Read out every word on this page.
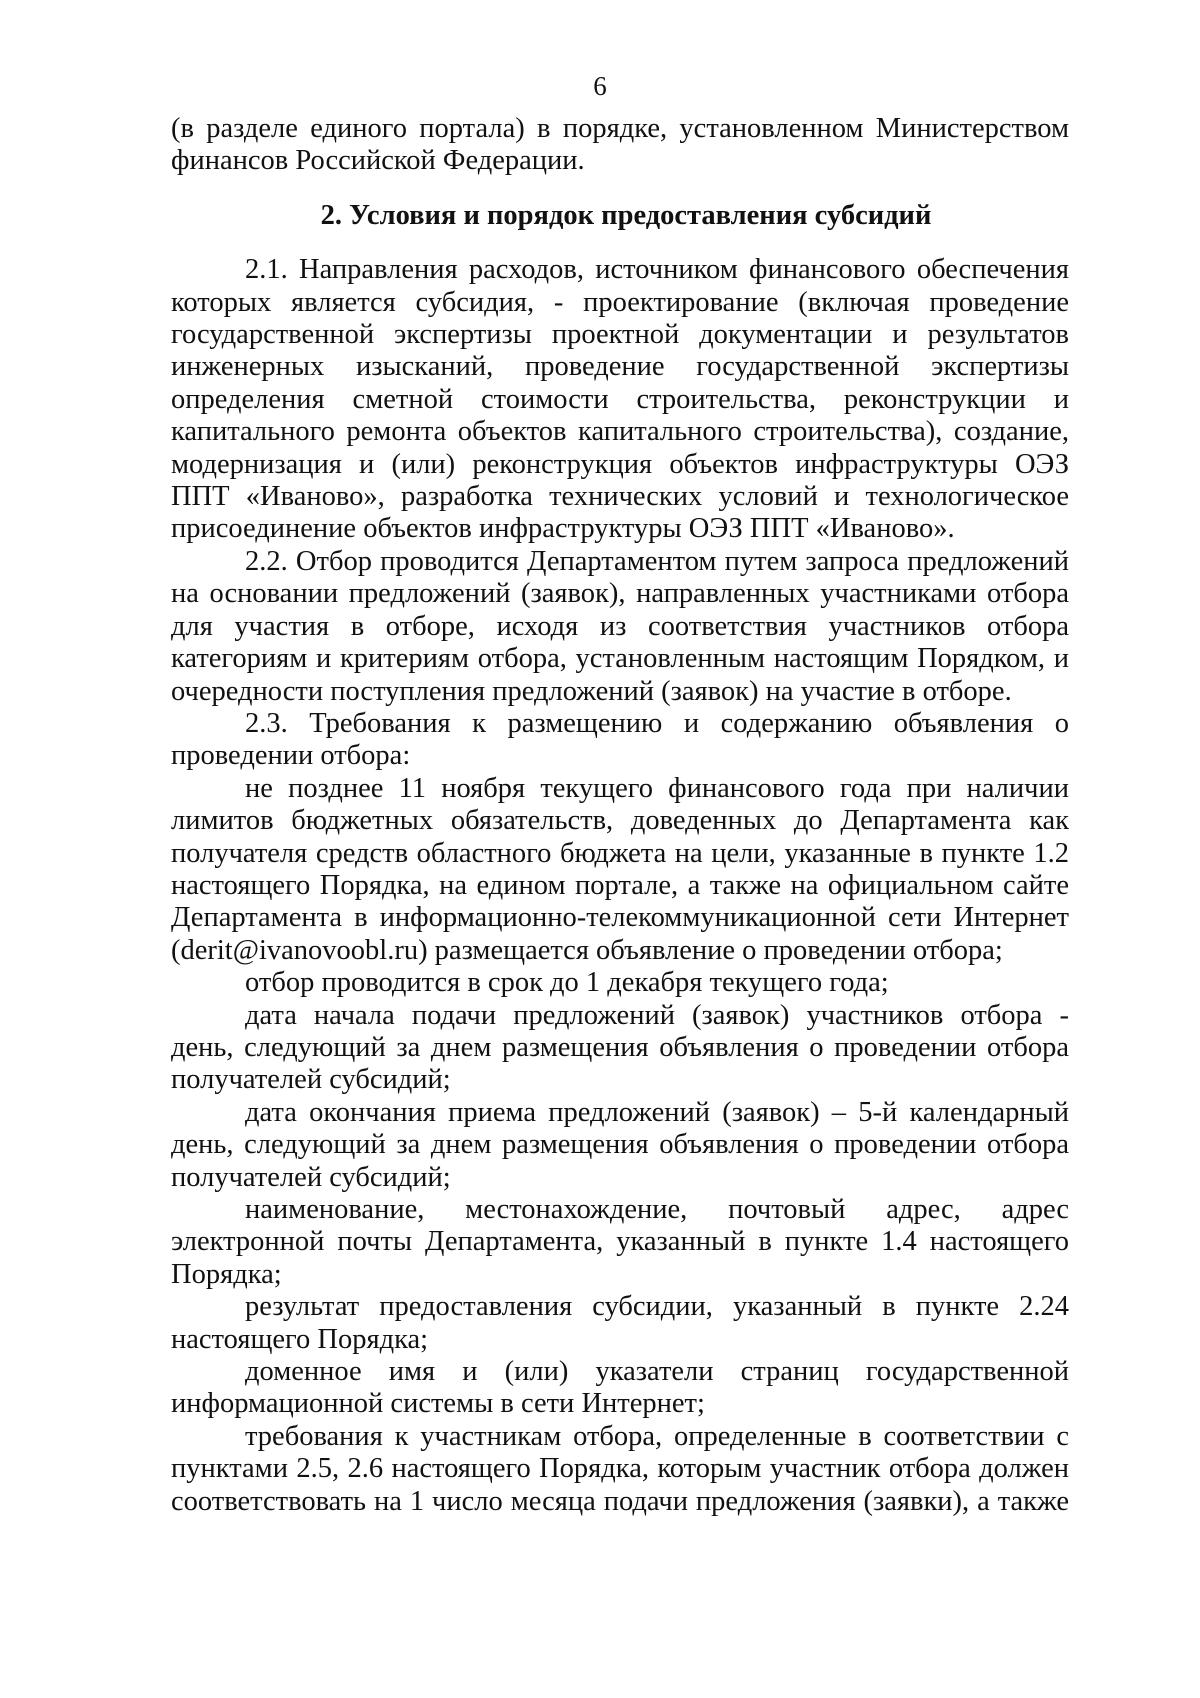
6

(в разделе единого портала) в порядке, установленном Министерством финансов Российской Федерации.

2. Условия и порядок предоставления субсидий

2.1. Направления расходов, источником финансового обеспечения которых является субсидия, - проектирование (включая проведение государственной экспертизы проектной документации и результатов инженерных изысканий, проведение государственной экспертизы определения сметной стоимости строительства, реконструкции и капитального ремонта объектов капитального строительства), создание, модернизация и (или) реконструкция объектов инфраструктуры ОЭЗ ППТ «Иваново», разработка технических условий и технологическое присоединение объектов инфраструктуры ОЭЗ ППТ «Иваново».

2.2. Отбор проводится Департаментом путем запроса предложений на основании предложений (заявок), направленных участниками отбора для участия в отборе, исходя из соответствия участников отбора категориям и критериям отбора, установленным настоящим Порядком, и очередности поступления предложений (заявок) на участие в отборе.

2.3. Требования к размещению и содержанию объявления о проведении отбора:

не позднее 11 ноября текущего финансового года при наличии лимитов бюджетных обязательств, доведенных до Департамента как получателя средств областного бюджета на цели, указанные в пункте 1.2 настоящего Порядка, на едином портале, а также на официальном сайте Департамента в информационно-телекоммуникационной сети Интернет (derit@ivanovoobl.ru) размещается объявление о проведении отбора;

отбор проводится в срок до 1 декабря текущего года;

дата начала подачи предложений (заявок) участников отбора - день, следующий за днем размещения объявления о проведении отбора получателей субсидий;

дата окончания приема предложений (заявок) – 5-й календарный день, следующий за днем размещения объявления о проведении отбора получателей субсидий;

наименование, местонахождение, почтовый адрес, адрес электронной почты Департамента, указанный в пункте 1.4 настоящего Порядка;

результат предоставления субсидии, указанный в пункте 2.24 настоящего Порядка;

доменное имя и (или) указатели страниц государственной информационной системы в сети Интернет;

требования к участникам отбора, определенные в соответствии с пунктами 2.5, 2.6 настоящего Порядка, которым участник отбора должен соответствовать на 1 число месяца подачи предложения (заявки), а также
